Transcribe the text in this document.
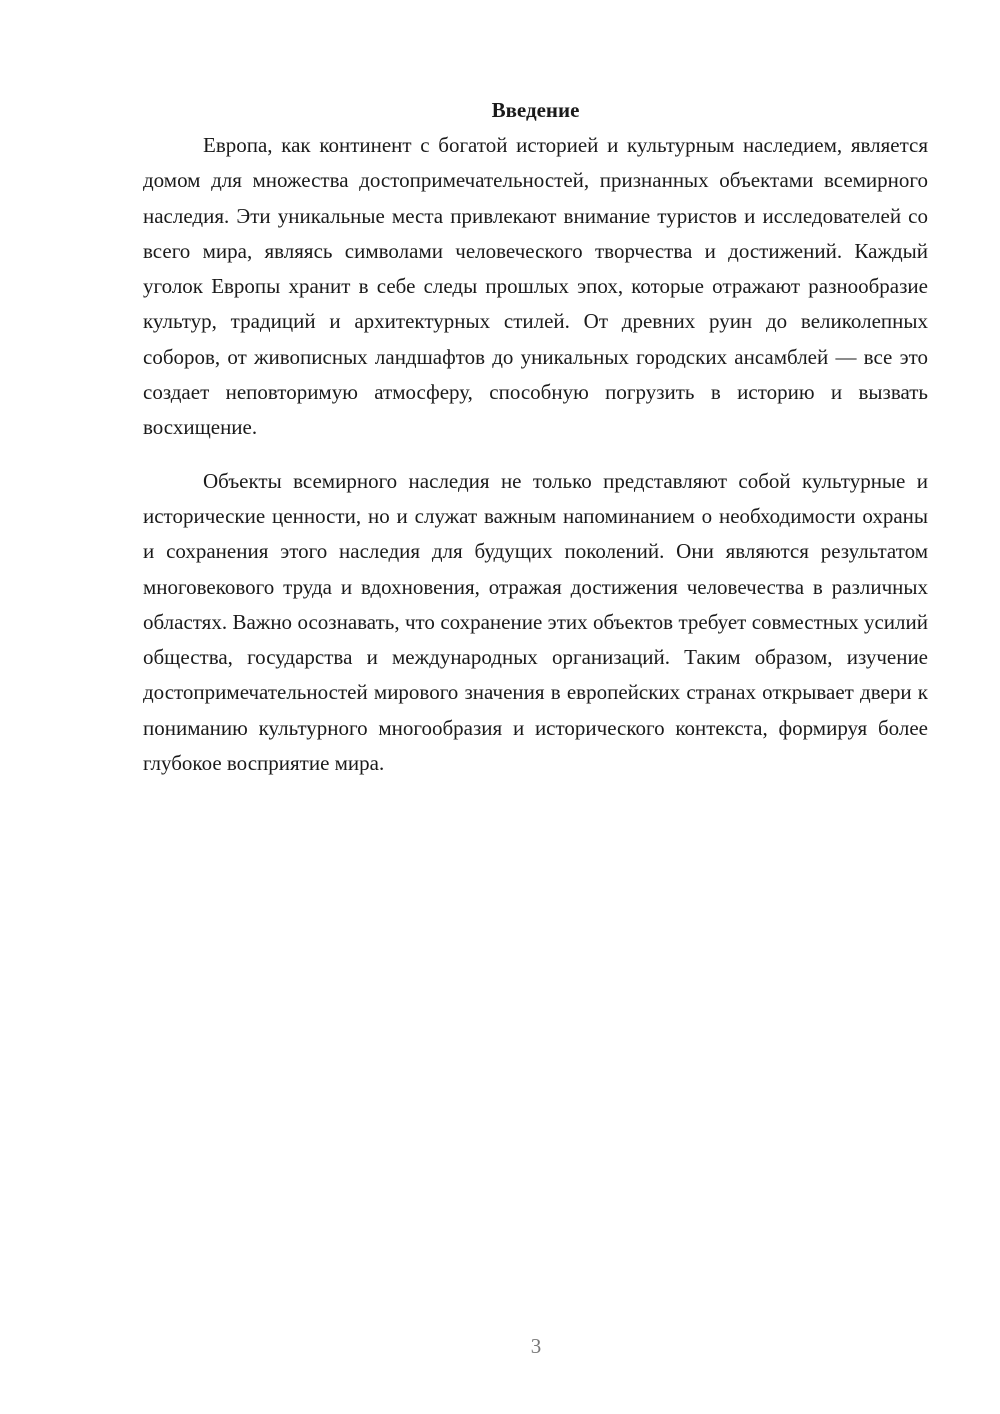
Введение

Европа, как континент с богатой историей и культурным наследием, является домом для множества достопримечательностей, признанных объектами всемирного наследия. Эти уникальные места привлекают внимание туристов и исследователей со всего мира, являясь символами человеческого творчества и достижений. Каждый уголок Европы хранит в себе следы прошлых эпох, которые отражают разнообразие культур, традиций и архитектурных стилей. От древних руин до великолепных соборов, от живописных ландшафтов до уникальных городских ансамблей — все это создает неповторимую атмосферу, способную погрузить в историю и вызвать восхищение.

Объекты всемирного наследия не только представляют собой культурные и исторические ценности, но и служат важным напоминанием о необходимости охраны и сохранения этого наследия для будущих поколений. Они являются результатом многовекового труда и вдохновения, отражая достижения человечества в различных областях. Важно осознавать, что сохранение этих объектов требует совместных усилий общества, государства и международных организаций. Таким образом, изучение достопримечательностей мирового значения в европейских странах открывает двери к пониманию культурного многообразия и исторического контекста, формируя более глубокое восприятие мира.

3
